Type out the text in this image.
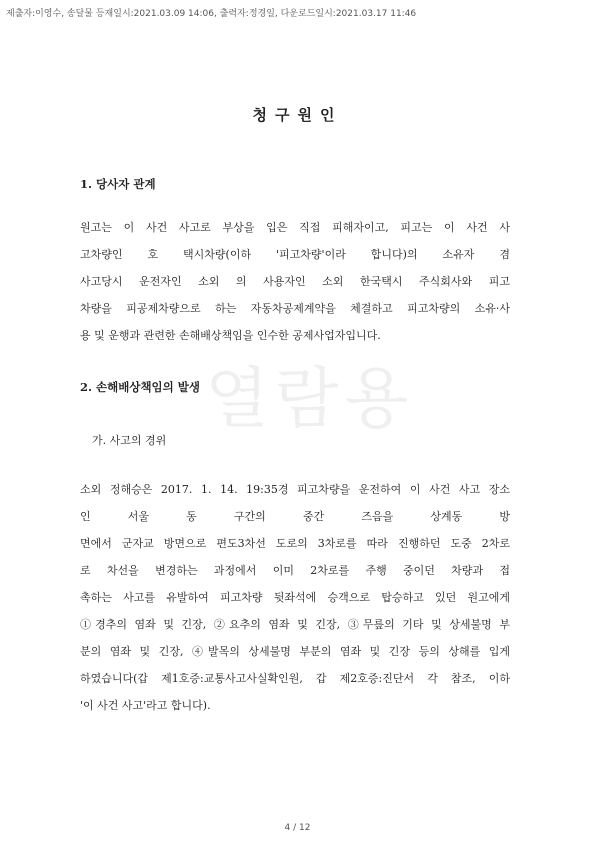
제출자:이영수, 송달물 등재일시:2021.03.09 14:06, 출력자:정경일, 다운로드일시:2021.03.17 11:46
열람용
청구원인
1. 당사자 관계
원고는 이 사건 사고로 부상을 입은 직접 피해자이고, 피고는 이 사건 사
고차량인 호 택시차량(이하 '피고차량'이라 합니다)의 소유자 겸
사고당시 운전자인 소외 의 사용자인 소외 한국택시 주식회사와 피고
차량을 피공제차량으로 하는 자동차공제계약을 체결하고 피고차량의 소유·사
용 및 운행과 관련한 손해배상책임을 인수한 공제사업자입니다.
2. 손해배상책임의 발생
가. 사고의 경위
소외 정해승은 2017. 1. 14. 19:35경 피고차량을 운전하여 이 사건 사고 장소
인 서울 동 구간의 중간 즈음을 상계동 방
면에서 군자교 방면으로 편도3차선 도로의 3차로를 따라 진행하던 도중 2차로
로 차선을 변경하는 과정에서 이미 2차로를 주행 중이던 차량과 접
촉하는 사고를 유발하여 피고차량 뒷좌석에 승객으로 탑승하고 있던 원고에게
①경추의 염좌 및 긴장, ②요추의 염좌 및 긴장, ③무릎의 기타 및 상세불명 부
분의 염좌 및 긴장, ④발목의 상세불명 부분의 염좌 및 긴장 등의 상해를 입게
하였습니다(갑 제1호증:교통사고사실확인원, 갑 제2호증:진단서 각 참조, 이하
'이 사건 사고'라고 합니다).
4 / 12
